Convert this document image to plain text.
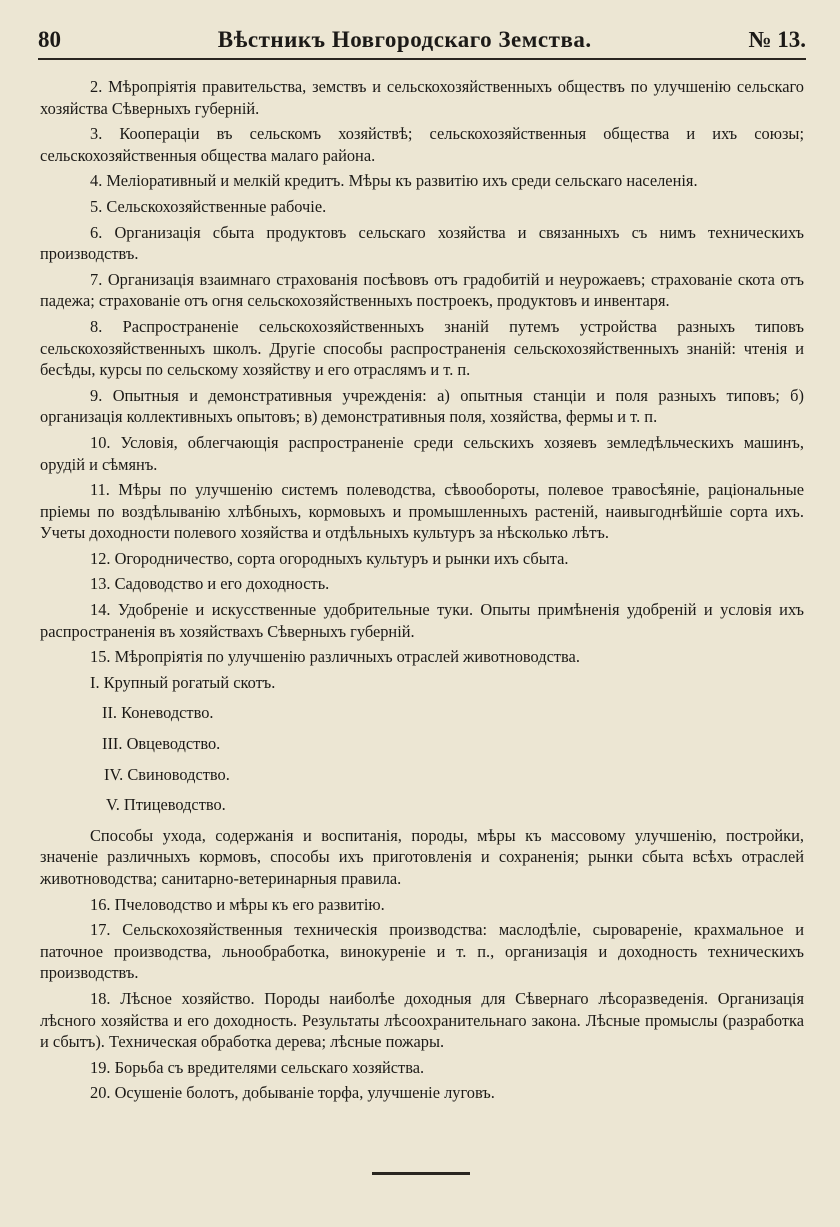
80	Вѣстникъ Новгородскаго Земства.	№ 13.

2. Мѣропріятія правительства, земствъ и сельскохозяйственныхъ обществъ по улучшенію сельскаго хозяйства Сѣверныхъ губерній.

3. Коопераціи въ сельскомъ хозяйствѣ; сельскохозяйственныя общества и ихъ союзы; сельскохозяйственныя общества малаго района.

4. Меліоративный и мелкій кредитъ. Мѣры къ развитію ихъ среди сельскаго населенія.

5. Сельскохозяйственные рабочіе.

6. Организація сбыта продуктовъ сельскаго хозяйства и связанныхъ съ нимъ техническихъ производствъ.

7. Организація взаимнаго страхованія посѣвовъ отъ градобитій и неурожаевъ; страхованіе скота отъ падежа; страхованіе отъ огня сельскохозяйственныхъ построекъ, продуктовъ и инвентаря.

8. Распространеніе сельскохозяйственныхъ знаній путемъ устройства разныхъ типовъ сельскохозяйственныхъ школъ. Другіе способы распространенія сельскохозяйственныхъ знаній: чтенія и бесѣды, курсы по сельскому хозяйству и его отраслямъ и т. п.

9. Опытныя и демонстративныя учрежденія: а) опытныя станціи и поля разныхъ типовъ; б) организація коллективныхъ опытовъ; в) демонстративныя поля, хозяйства, фермы и т. п.

10. Условія, облегчающія распространеніе среди сельскихъ хозяевъ земледѣльческихъ машинъ, орудій и сѣмянъ.

11. Мѣры по улучшенію системъ полеводства, сѣвообороты, полевое травосѣяніе, раціональные пріемы по воздѣлыванію хлѣбныхъ, кормовыхъ и промышленныхъ растеній, наивыгоднѣйшіе сорта ихъ. Учеты доходности полевого хозяйства и отдѣльныхъ культуръ за нѣсколько лѣтъ.

12. Огородничество, сорта огородныхъ культуръ и рынки ихъ сбыта.

13. Садоводство и его доходность.

14. Удобреніе и искусственные удобрительные туки. Опыты примѣненія удобреній и условія ихъ распространенія въ хозяйствахъ Сѣверныхъ губерній.

15. Мѣропріятія по улучшенію различныхъ отраслей животноводства.

I. Крупный рогатый скотъ.

II. Коневодство.

III. Овцеводство.

IV. Свиноводство.

V. Птицеводство.

Способы ухода, содержанія и воспитанія, породы, мѣры къ массовому улучшенію, постройки, значеніе различныхъ кормовъ, способы ихъ приготовленія и сохраненія; рынки сбыта всѣхъ отраслей животноводства; санитарно-ветеринарныя правила.

16. Пчеловодство и мѣры къ его развитію.

17. Сельскохозяйственныя техническія производства: маслодѣліе, сыровареніе, крахмальное и паточное производства, льнообработка, винокуреніе и т. п., организація и доходность техническихъ производствъ.

18. Лѣсное хозяйство. Породы наиболѣе доходныя для Сѣвернаго лѣсоразведенія. Организація лѣсного хозяйства и его доходность. Результаты лѣсоохранительнаго закона. Лѣсные промыслы (разработка и сбытъ). Техническая обработка дерева; лѣсные пожары.

19. Борьба съ вредителями сельскаго хозяйства.

20. Осушеніе болотъ, добываніе торфа, улучшеніе луговъ.
